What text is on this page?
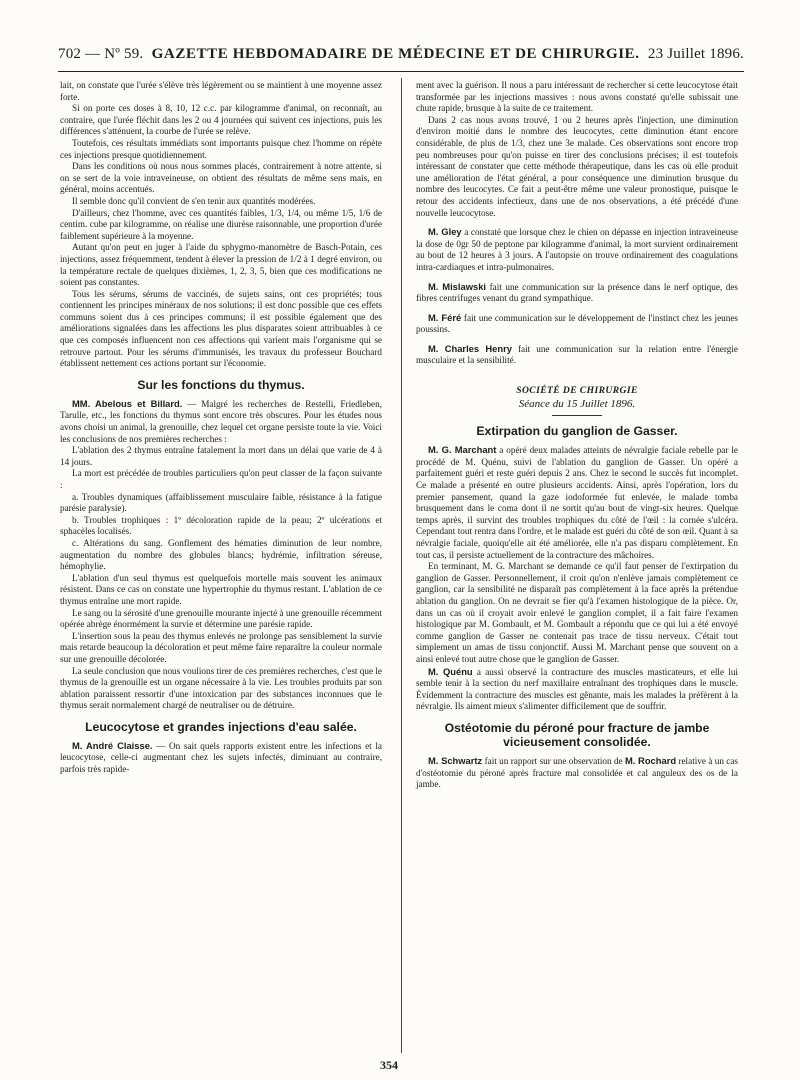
702 — Nº 59. GAZETTE HEBDOMADAIRE DE MÉDECINE ET DE CHIRURGIE. 23 Juillet 1896.

lait, on constate que l'urée s'élève très légèrement ou se maintient à une moyenne assez forte.

Si on porte ces doses à 8, 10, 12 c.c. par kilogramme d'animal, on reconnaît, au contraire, que l'urée fléchit dans les 2 ou 4 journées qui suivent ces injections, puis les différences s'atténuent, la courbe de l'urée se relève.

Toutefois, ces résultats immédiats sont importants puisque chez l'homme on répète ces injections presque quotidiennement.

Dans les conditions où nous nous sommes placés, contrairement à notre attente, si on se sert de la voie intraveineuse, on obtient des résultats de même sens mais, en général, moins accentués.

Il semble donc qu'il convient de s'en tenir aux quantités modérées.

D'ailleurs, chez l'homme, avec ces quantités faibles, 1/3, 1/4, ou même 1/5, 1/6 de centim. cube par kilogramme, on réalise une diurèse raisonnable, une proportion d'urée faiblement supérieure à la moyenne.

Autant qu'on peut en juger à l'aide du sphygmo-manomètre de Basch-Potain, ces injections, assez fréquemment, tendent à élever la pression de 1/2 à 1 degré environ, ou la température rectale de quelques dixièmes, 1, 2, 3, 5, bien que ces modifications ne soient pas constantes.

Tous les sérums, sérums de vaccinés, de sujets sains, ont ces propriétés; tous contiennent les principes minéraux de nos solutions; il est donc possible que ces effets communs soient dus à ces principes communs; il est possible également que des améliorations signalées dans les affections les plus disparates soient attribuables à ce que ces composés influencent non ces affections qui varient mais l'organisme qui se retrouve partout. Pour les sérums d'immunisés, les travaux du professeur Bouchard établissent nettement ces actions portant sur l'économie.

Sur les fonctions du thymus.

MM. Abelous et Billard. — Malgré les recherches de Restelli, Friedleben, Tarulle, etc., les fonctions du thymus sont encore très obscures. Pour les études nous avons choisi un animal, la grenouille, chez lequel cet organe persiste toute la vie. Voici les conclusions de nos premières recherches :

L'ablation des 2 thymus entraîne fatalement la mort dans un délai que varie de 4 à 14 jours.

La mort est précédée de troubles particuliers qu'on peut classer de la façon suivante :

a. Troubles dynamiques (affaiblissement musculaire faible, résistance à la fatigue parésie paralysie).

b. Troubles trophiques : 1º décoloration rapide de la peau; 2º ulcérations et sphacèles localisés.

c. Altérations du sang. Gonflement des hématies diminution de leur nombre, augmentation du nombre des globules blancs; hydrémie, infiltration séreuse, hémophylie.

L'ablation d'un seul thymus est quelquefois mortelle mais souvent les animaux résistent. Dans ce cas on constate une hypertrophie du thymus restant. L'ablation de ce thymus entraîne une mort rapide.

Le sang ou la sérosité d'une grenouille mourante injecté à une grenouille récemment opérée abrège énormément la survie et détermine une parésie rapide.

L'insertion sous la peau des thymus enlevés ne prolonge pas sensiblement la survie mais retarde beaucoup la décoloration et peut même faire reparaître la couleur normale sur une grenouille décolorée.

La seule conclusion que nous voulions tirer de ces premières recherches, c'est que le thymus de la grenouille est un organe nécessaire à la vie. Les troubles produits par son ablation paraissent ressortir d'une intoxication par des substances inconnues que le thymus serait normalement chargé de neutraliser ou de détruire.

Leucocytose et grandes injections d'eau salée.

M. André Claisse. — On sait quels rapports existent entre les infections et la leucocytose, celle-ci augmentant chez les sujets infectés, diminuant au contraire, parfois très rapide-

ment avec la guérison. Il nous a paru intéressant de rechercher si cette leucocytose était transformée par les injections massives : nous avons constaté qu'elle subissait une chute rapide, brusque à la suite de ce traitement.

Dans 2 cas nous avons trouvé, 1 ou 2 heures après l'injection, une diminution d'environ moitié dans le nombre des leucocytes, cette diminution étant encore considérable, de plus de 1/3, chez une 3e malade. Ces observations sont encore trop peu nombreuses pour qu'on puisse en tirer des conclusions précises; il est toutefois intéressant de constater que cette méthode thérapeutique, dans les cas où elle produit une amélioration de l'état général, a pour conséquence une diminution brusque du nombre des leucocytes. Ce fait a peut-être même une valeur pronostique, puisque le retour des accidents infectieux, dans une de nos observations, a été précédé d'une nouvelle leucocytose.

M. Gley a constaté que lorsque chez le chien on dépasse en injection intraveineuse la dose de 0gr 50 de peptone par kilogramme d'animal, la mort survient ordinairement au bout de 12 heures à 3 jours. A l'autopsie on trouve ordinairement des coagulations intra-cardiaques et intra-pulmonaires.

M. Mislawski fait une communication sur la présence dans le nerf optique, des fibres centrifuges venant du grand sympathique.

M. Féré fait une communication sur le développement de l'instinct chez les jeunes poussins.

M. Charles Henry fait une communication sur la relation entre l'énergie musculaire et la sensibilité.

SOCIÉTÉ DE CHIRURGIE
Séance du 15 Juillet 1896.
Extirpation du ganglion de Gasser.

M. G. Marchant a opéré deux malades atteints de névralgie faciale rebelle par le procédé de M. Quénu, suivi de l'ablation du ganglion de Gasser. Un opéré a parfaitement guéri et reste guéri depuis 2 ans. Chez le second le succès fut incomplet. Ce malade a présenté en outre plusieurs accidents. Ainsi, après l'opération, lors du premier pansement, quand la gaze iodoformée fut enlevée, le malade tomba brusquement dans le coma dont il ne sortit qu'au bout de vingt-six heures. Quelque temps après, il survint des troubles trophiques du côté de l'œil : la cornée s'ulcéra. Cependant tout rentra dans l'ordre, et le malade est guéri du côté de son œil. Quant à sa névralgie faciale, quoiqu'elle ait été améliorée, elle n'a pas disparu complètement. En tout cas, il persiste actuellement de la contracture des mâchoires.

En terminant, M. G. Marchant se demande ce qu'il faut penser de l'extirpation du ganglion de Gasser. Personnellement, il croit qu'on n'enlève jamais complètement ce ganglion, car la sensibilité ne disparaît pas complètement à la face après la prétendue ablation du ganglion. On ne devrait se fier qu'à l'examen histologique de la pièce. Or, dans un cas où il croyait avoir enlevé le ganglion complet, il a fait faire l'examen histologique par M. Gombault, et M. Gombault a répondu que ce qui lui a été envoyé comme ganglion de Gasser ne contenait pas trace de tissu nerveux. C'était tout simplement un amas de tissu conjonctif. Aussi M. Marchant pense que souvent on a ainsi enlevé tout autre chose que le ganglion de Gasser.

M. Quénu a aussi observé la contracture des muscles masticateurs, et elle lui semble tenir à la section du nerf maxillaire entraînant des trophiques dans le muscle. Évidemment la contracture des muscles est gênante, mais les malades la préfèrent à la névralgie. Ils aiment mieux s'alimenter difficilement que de souffrir.

Ostéotomie du péroné pour fracture de jambe vicieusement consolidée.

M. Schwartz fait un rapport sur une observation de M. Rochard relative à un cas d'ostéotomie du péroné après fracture mal consolidée et cal anguleux des os de la jambe.

354
